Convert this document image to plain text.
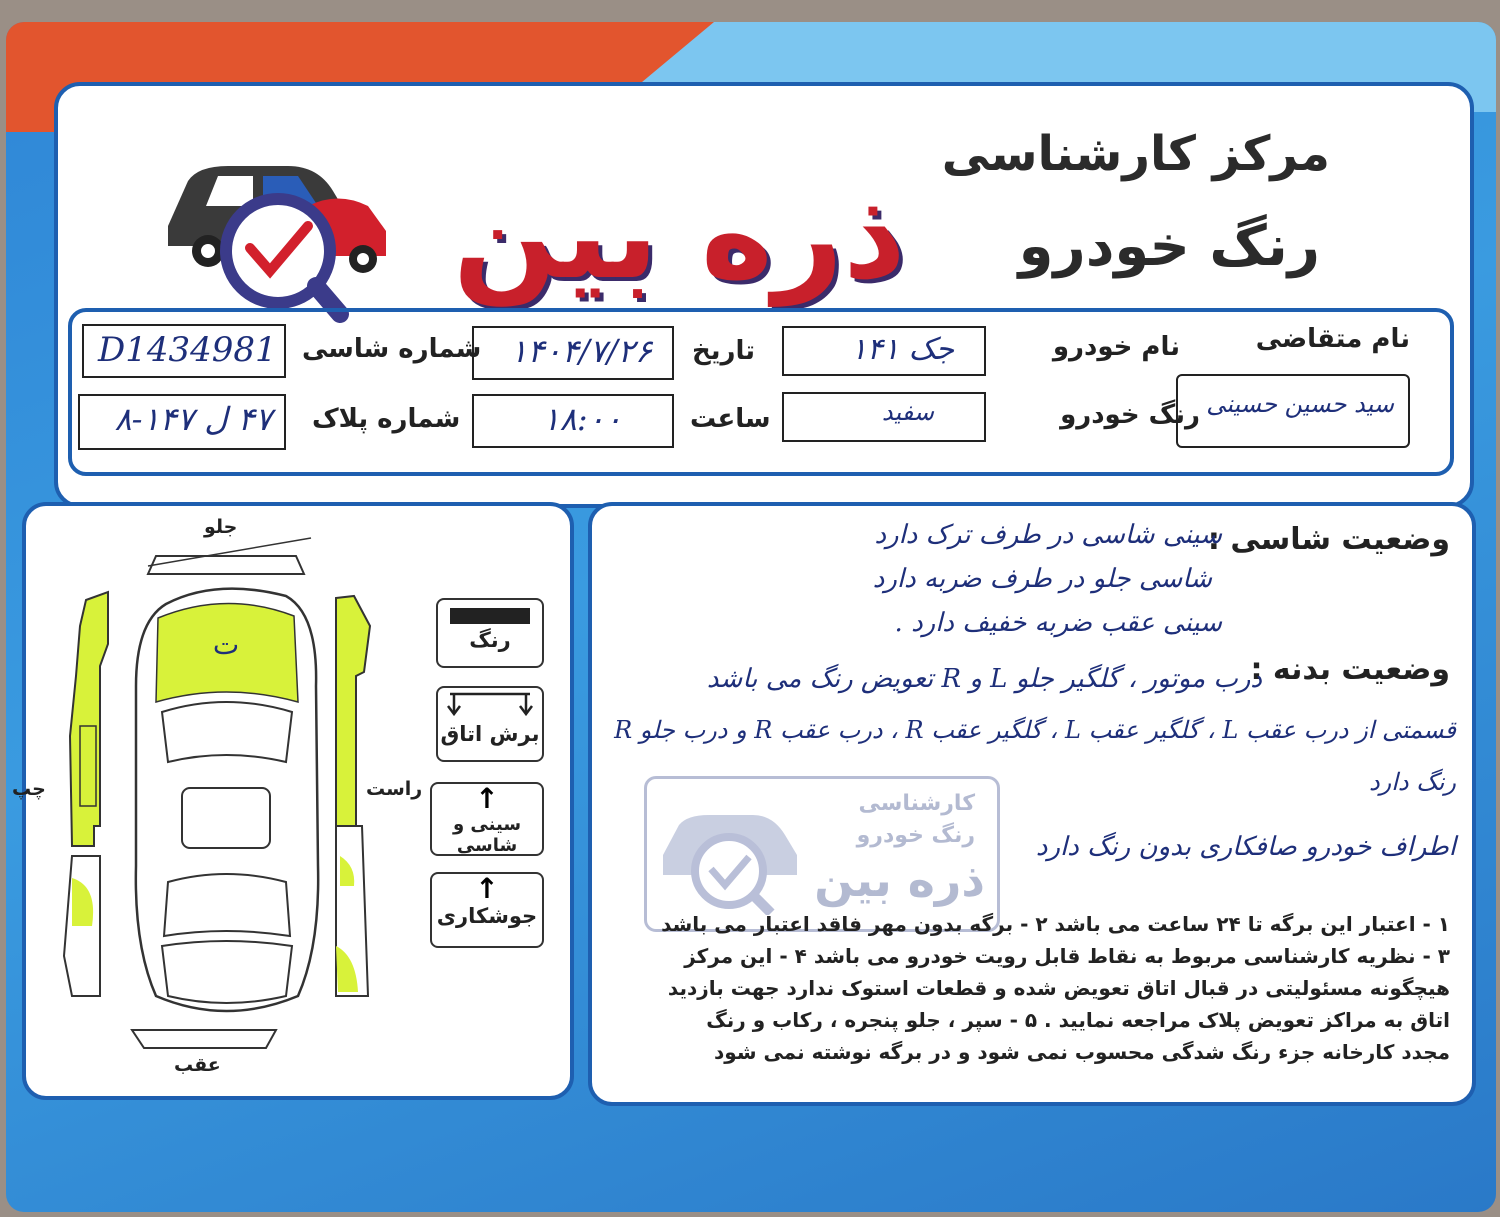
ذره بین
مرکز کارشناسی
رنگ خودرو
نام متقاضی
سید حسین حسینی
نام خودرو
جک ۱۴۱
رنگ خودرو
سفید
تاریخ
۱۴۰۴/۷/۲۶
ساعت
۱۸:۰۰
شماره شاسی
D1434981
شماره پلاک
۴۷ ل ۱۴۷-۸
جلو
عقب
چپ	راست
ت	رنگ
برش اتاق
↑
سینی و شاسی
↑
جوشکاری
وضعیت شاسی :
سینی شاسی در طرف ترک دارد
شاسی جلو در طرف ضربه دارد
سینی عقب ضربه خفیف دارد .
وضعیت بدنه :
درب موتور ، گلگیر جلو L و R تعویض رنگ می باشد
قسمتی از درب عقب L ، گلگیر عقب L ، گلگیر عقب R ، درب عقب R و درب جلو R
رنگ دارد
اطراف خودرو صافکاری بدون رنگ دارد
کارشناسی
رنگ خودرو
ذره بین
۱ - اعتبار این برگه تا ۲۴ ساعت می باشد ۲ - برگه بدون مهر فاقد اعتبار می باشد
۳ - نظریه کارشناسی مربوط به نقاط قابل رویت خودرو می باشد ۴ - این مرکز
هیچگونه مسئولیتی در قبال اتاق تعویض شده و قطعات استوک ندارد جهت بازدید
اتاق به مراکز تعویض پلاک مراجعه نمایید . ۵ - سپر ، جلو پنجره ، رکاب و رنگ
مجدد کارخانه جزء رنگ شدگی محسوب نمی شود و در برگه نوشته نمی شود
